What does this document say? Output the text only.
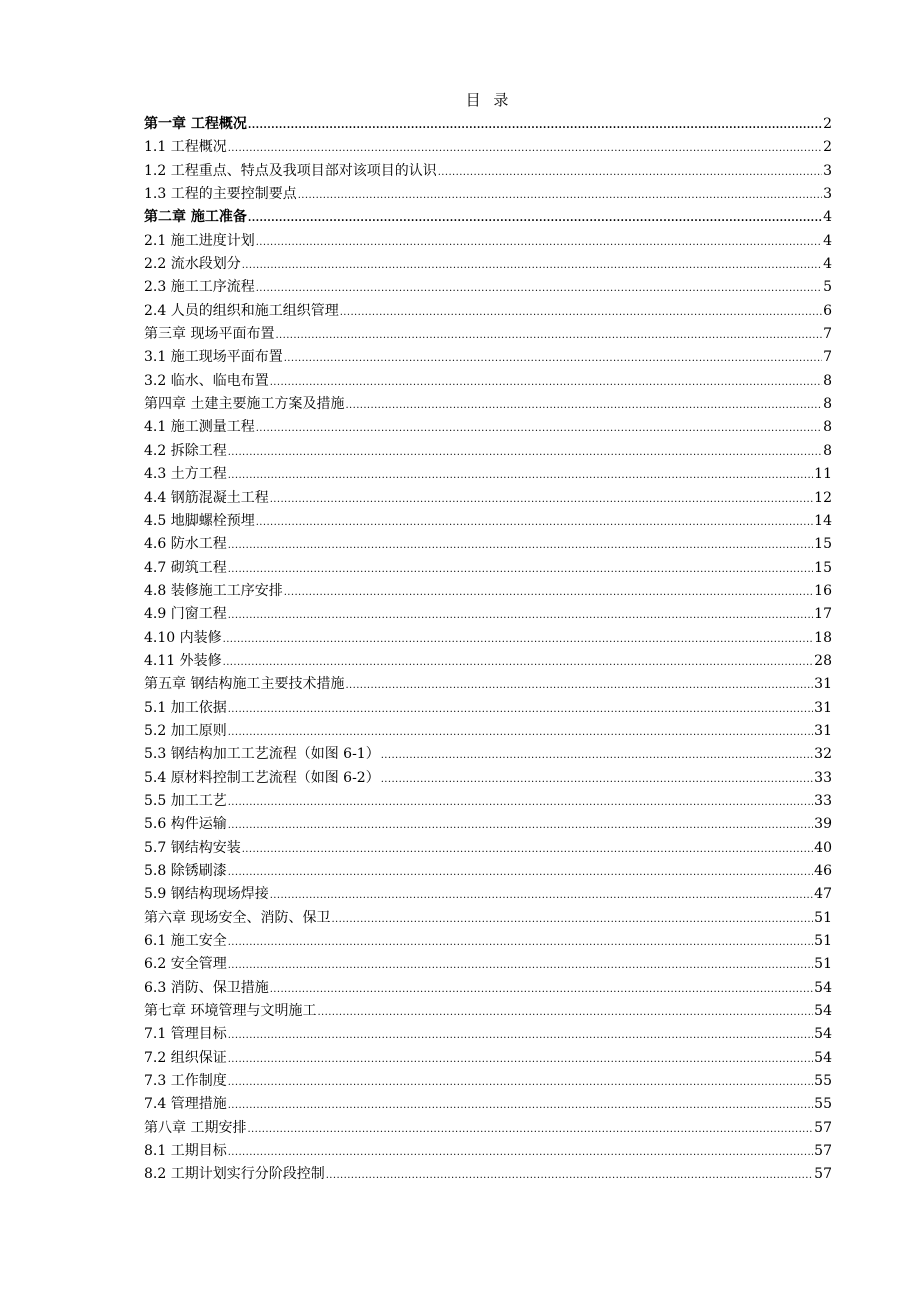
目 录
第一章 工程概况 .....	2
1.1 工程概况 .....	2
1.2 工程重点、特点及我项目部对该项目的认识 .....	3
1.3 工程的主要控制要点 .....	3
第二章 施工准备 .....	4
2.1 施工进度计划 .....	4
2.2 流水段划分 .....	4
2.3 施工工序流程 .....	5
2.4 人员的组织和施工组织管理 .....	6
第三章 现场平面布置 .....	7
3.1 施工现场平面布置 .....	7
3.2 临水、临电布置 .....	8
第四章 土建主要施工方案及措施 .....	8
4.1 施工测量工程 .....	8
4.2 拆除工程 .....	8
4.3 土方工程 .....	11
4.4 钢筋混凝土工程 .....	12
4.5 地脚螺栓预埋 .....	14
4.6 防水工程 .....	15
4.7 砌筑工程 .....	15
4.8 装修施工工序安排 .....	16
4.9 门窗工程 .....	17
4.10 内装修 .....	18
4.11 外装修 .....	28
第五章 钢结构施工主要技术措施 .....	31
5.1 加工依据 .....	31
5.2 加工原则 .....	31
5.3 钢结构加工工艺流程（如图 6-1） .....	32
5.4 原材料控制工艺流程（如图 6-2） .....	33
5.5 加工工艺 .....	33
5.6 构件运输 .....	39
5.7 钢结构安装 .....	40
5.8 除锈刷漆 .....	46
5.9 钢结构现场焊接 .....	47
第六章 现场安全、消防、保卫 .....	51
6.1 施工安全 .....	51
6.2 安全管理 .....	51
6.3 消防、保卫措施 .....	54
第七章 环境管理与文明施工 .....	54
7.1 管理目标 .....	54
7.2 组织保证 .....	54
7.3 工作制度 .....	55
7.4 管理措施 .....	55
第八章 工期安排 .....	57
8.1 工期目标 .....	57
8.2 工期计划实行分阶段控制 .....	57
